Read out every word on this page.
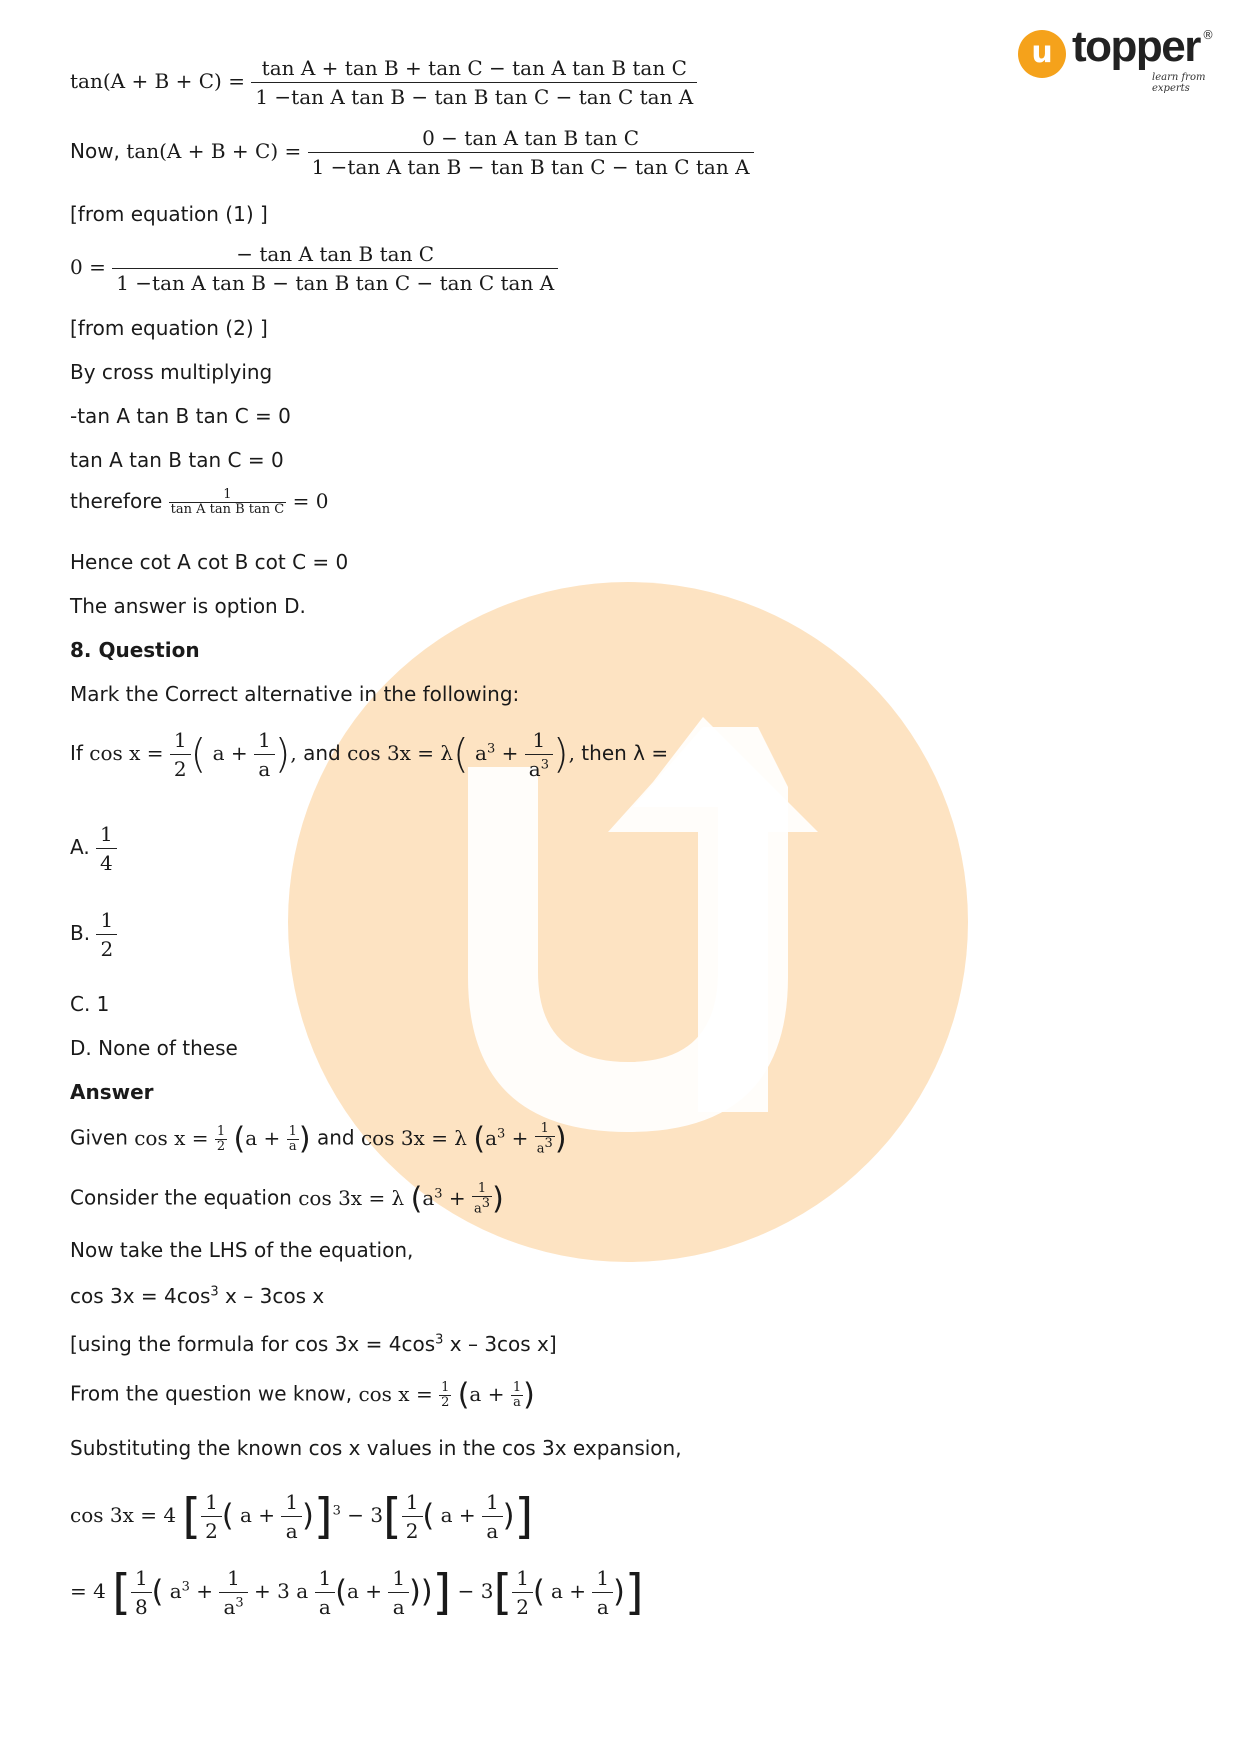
u topper
learn from experts
®
$\tan(A + B + C) = \frac{\text{tan A + tan B + tan C − tan A tan B tan C}}{\text{1 −tan A tan B − tan B tan C − tan C tan A}}$
Now, $\tan(A + B + C) = \frac{\text{0 − tan A tan B tan C}}{\text{1 −tan A tan B − tan B tan C − tan C tan A}}$
[from equation (1) ]
$0 = \frac{\text{− tan A tan B tan C}}{\text{1 −tan A tan B − tan B tan C − tan C tan A}}$
[from equation (2) ]
By cross multiplying
-tan A tan B tan C = 0
tan A tan B tan C = 0
therefore $\frac{1}{\text{tan A tan B tan C}} = 0$
Hence cot A cot B cot C = 0
The answer is option D.
8. Question
Mark the Correct alternative in the following:
If $\cos x = \frac{1}{2}$ ( $a + \frac{1}{a}$ ), and cos 3x = λ( $a^3 + \frac{1}{a^3}$ ), then λ =
A. $\frac{1}{4}$
B. $\frac{1}{2}$
C. 1
D. None of these
Answer
Given $\cos x = \frac{1}{2} (a + \frac{1}{a}$ ) and cos 3x = λ ($a^3 + \frac{1}{a^3}$ )
Consider the equation cos 3x = λ ($a^3 + \frac{1}{a^3}$ )
Now take the LHS of the equation,
$\cos 3x = 4\cos^3$ x – 3cos x
[using the formula for $\cos 3x = 4\cos^3$ x – 3cos x]
From the question we know, $\cos x = \frac{1}{2} (a + \frac{1}{a}$ )
Substituting the known cos x values in the cos 3x expansion,
cos 3x = 4 [ $\frac{1}{2}$ ( $a + \frac{1}{a} )]^3 - 3[ \frac{1}{2}$ ( $a + \frac{1}{a}$ )]
= 4 [ $\frac{1}{8}$ ( $a^3 + \frac{1}{a^3} + 3$ a $\frac{1}{a} (a + \frac{1}{a}$ ))] − $3[ \frac{1}{2}$ ( $a + \frac{1}{a}$ )]
